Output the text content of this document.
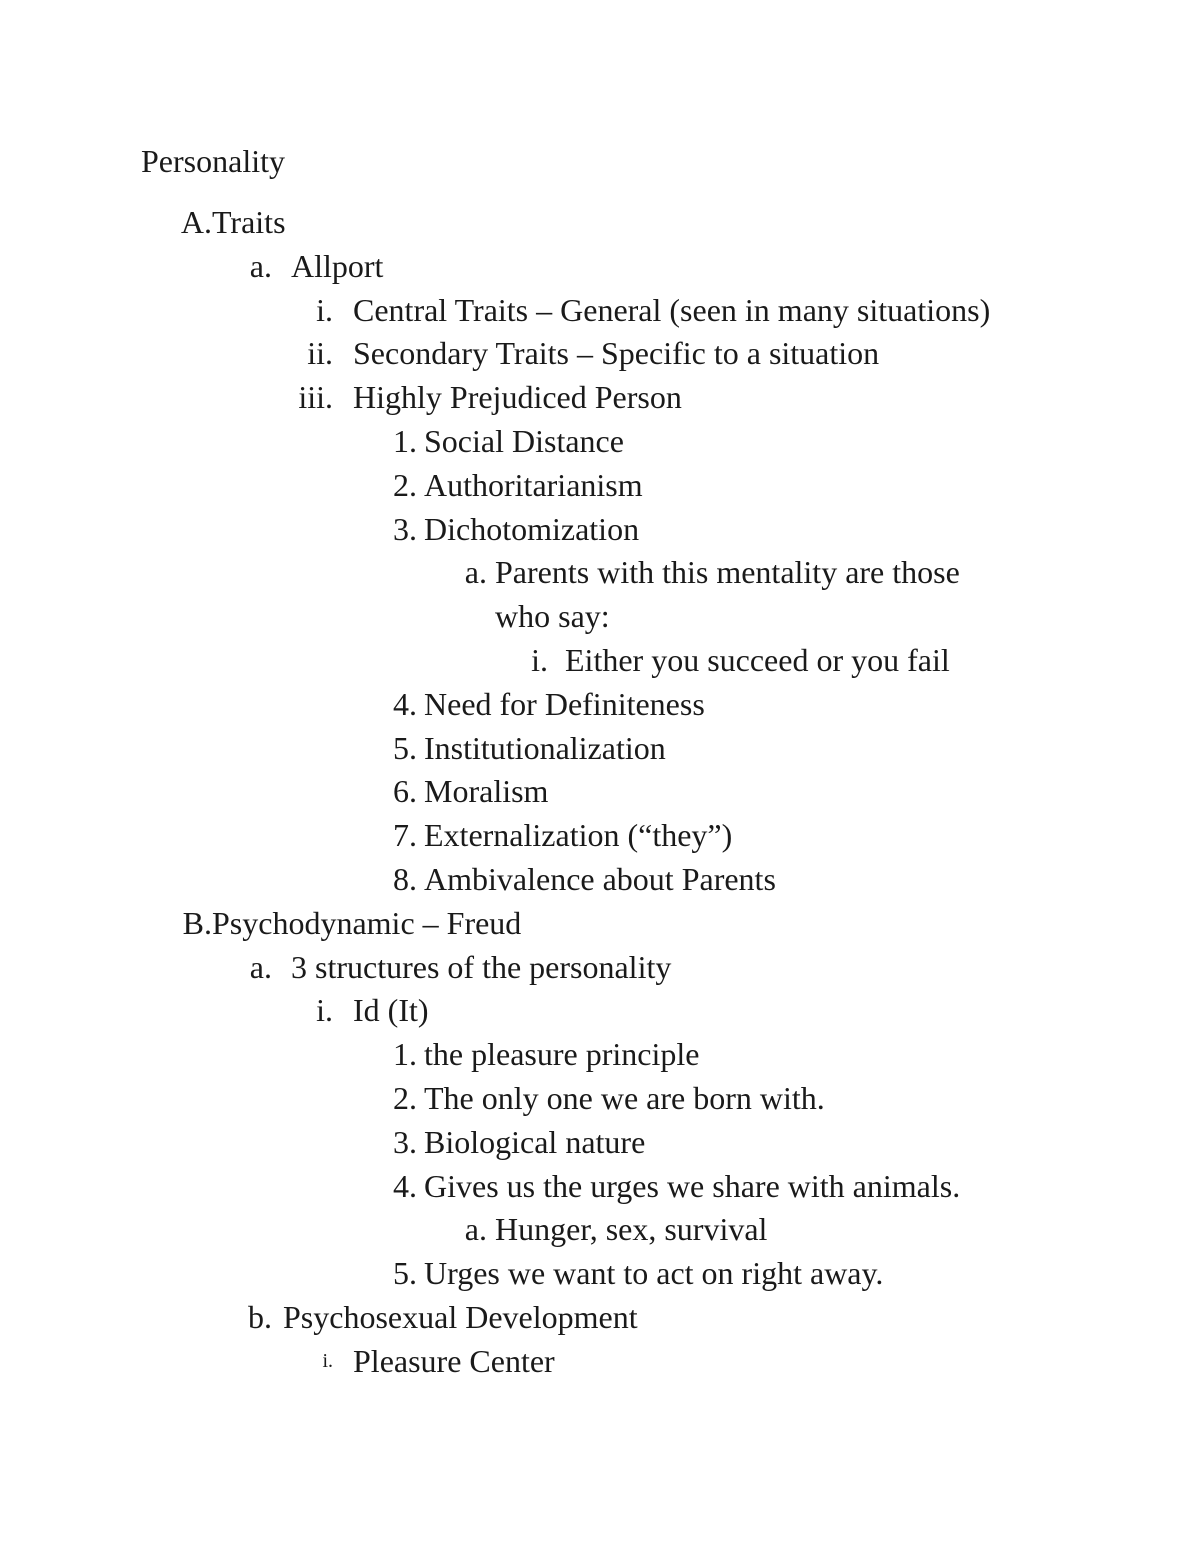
Personality
A. Traits
a. Allport
i. Central Traits – General (seen in many situations)
ii. Secondary Traits – Specific to a situation
iii. Highly Prejudiced Person
1. Social Distance
2. Authoritarianism
3. Dichotomization
a. Parents with this mentality are those
who say:
i. Either you succeed or you fail
4. Need for Definiteness
5. Institutionalization
6. Moralism
7. Externalization (“they”)
8. Ambivalence about Parents
B. Psychodynamic – Freud
a. 3 structures of the personality
i. Id (It)
1. the pleasure principle
2. The only one we are born with.
3. Biological nature
4. Gives us the urges we share with animals.
a. Hunger, sex, survival
5. Urges we want to act on right away.
b. Psychosexual Development
i. Pleasure Center
